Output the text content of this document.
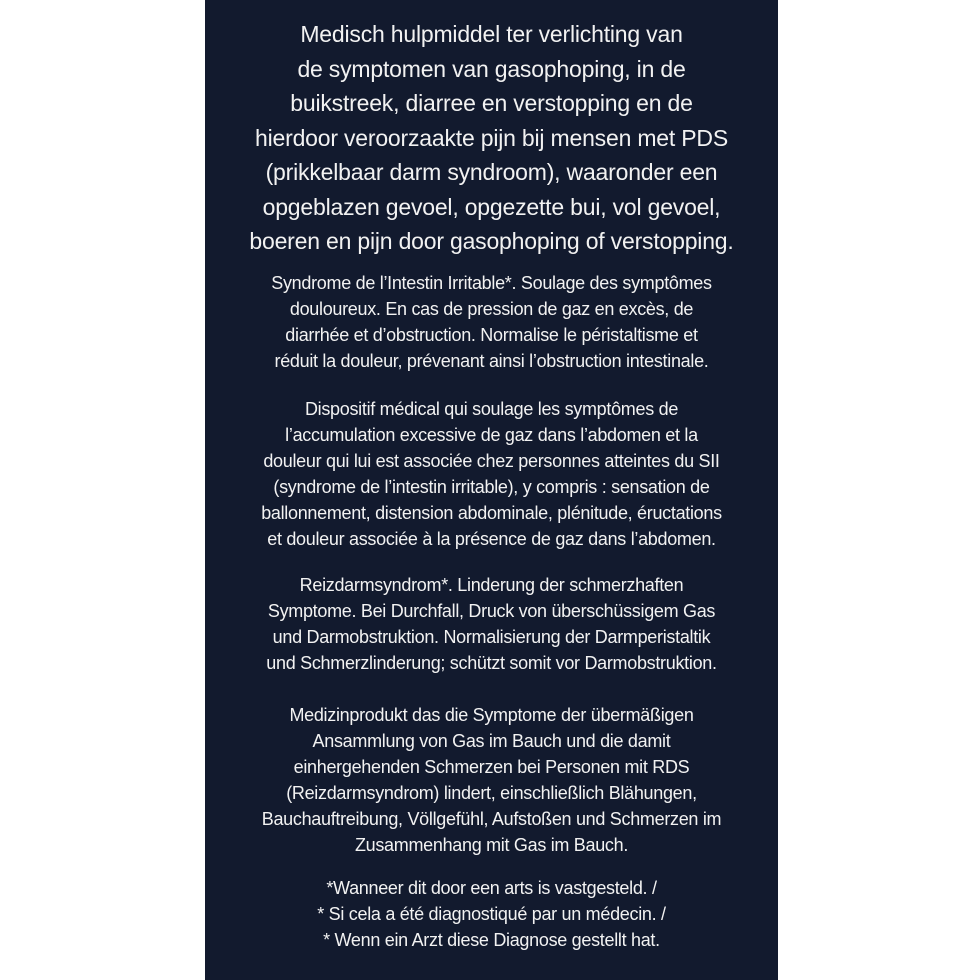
Medisch hulpmiddel ter verlichting van
de symptomen van gasophoping, in de
buikstreek, diarree en verstopping en de
hierdoor veroorzaakte pijn bij mensen met PDS
(prikkelbaar darm syndroom), waaronder een
opgeblazen gevoel, opgezette bui, vol gevoel,
boeren en pijn door gasophoping of verstopping.

Syndrome de l’Intestin Irritable*. Soulage des symptômes
douloureux. En cas de pression de gaz en excès, de
diarrhée et d’obstruction. Normalise le péristaltisme et
réduit la douleur, prévenant ainsi l’obstruction intestinale.

Dispositif médical qui soulage les symptômes de
l’accumulation excessive de gaz dans l’abdomen et la
douleur qui lui est associée chez personnes atteintes du SII
(syndrome de l’intestin irritable), y compris : sensation de
ballonnement, distension abdominale, plénitude, éructations
et douleur associée à la présence de gaz dans l’abdomen.

Reizdarmsyndrom*. Linderung der schmerzhaften
Symptome. Bei Durchfall, Druck von überschüssigem Gas
und Darmobstruktion. Normalisierung der Darmperistaltik
und Schmerzlinderung; schützt somit vor Darmobstruktion.

Medizinprodukt das die Symptome der übermäßigen
Ansammlung von Gas im Bauch und die damit
einhergehenden Schmerzen bei Personen mit RDS
(Reizdarmsyndrom) lindert, einschließlich Blähungen,
Bauchauftreibung, Völlgefühl, Aufstoßen und Schmerzen im
Zusammenhang mit Gas im Bauch.

*Wanneer dit door een arts is vastgesteld. /
* Si cela a été diagnostiqué par un médecin. /
* Wenn ein Arzt diese Diagnose gestellt hat.
